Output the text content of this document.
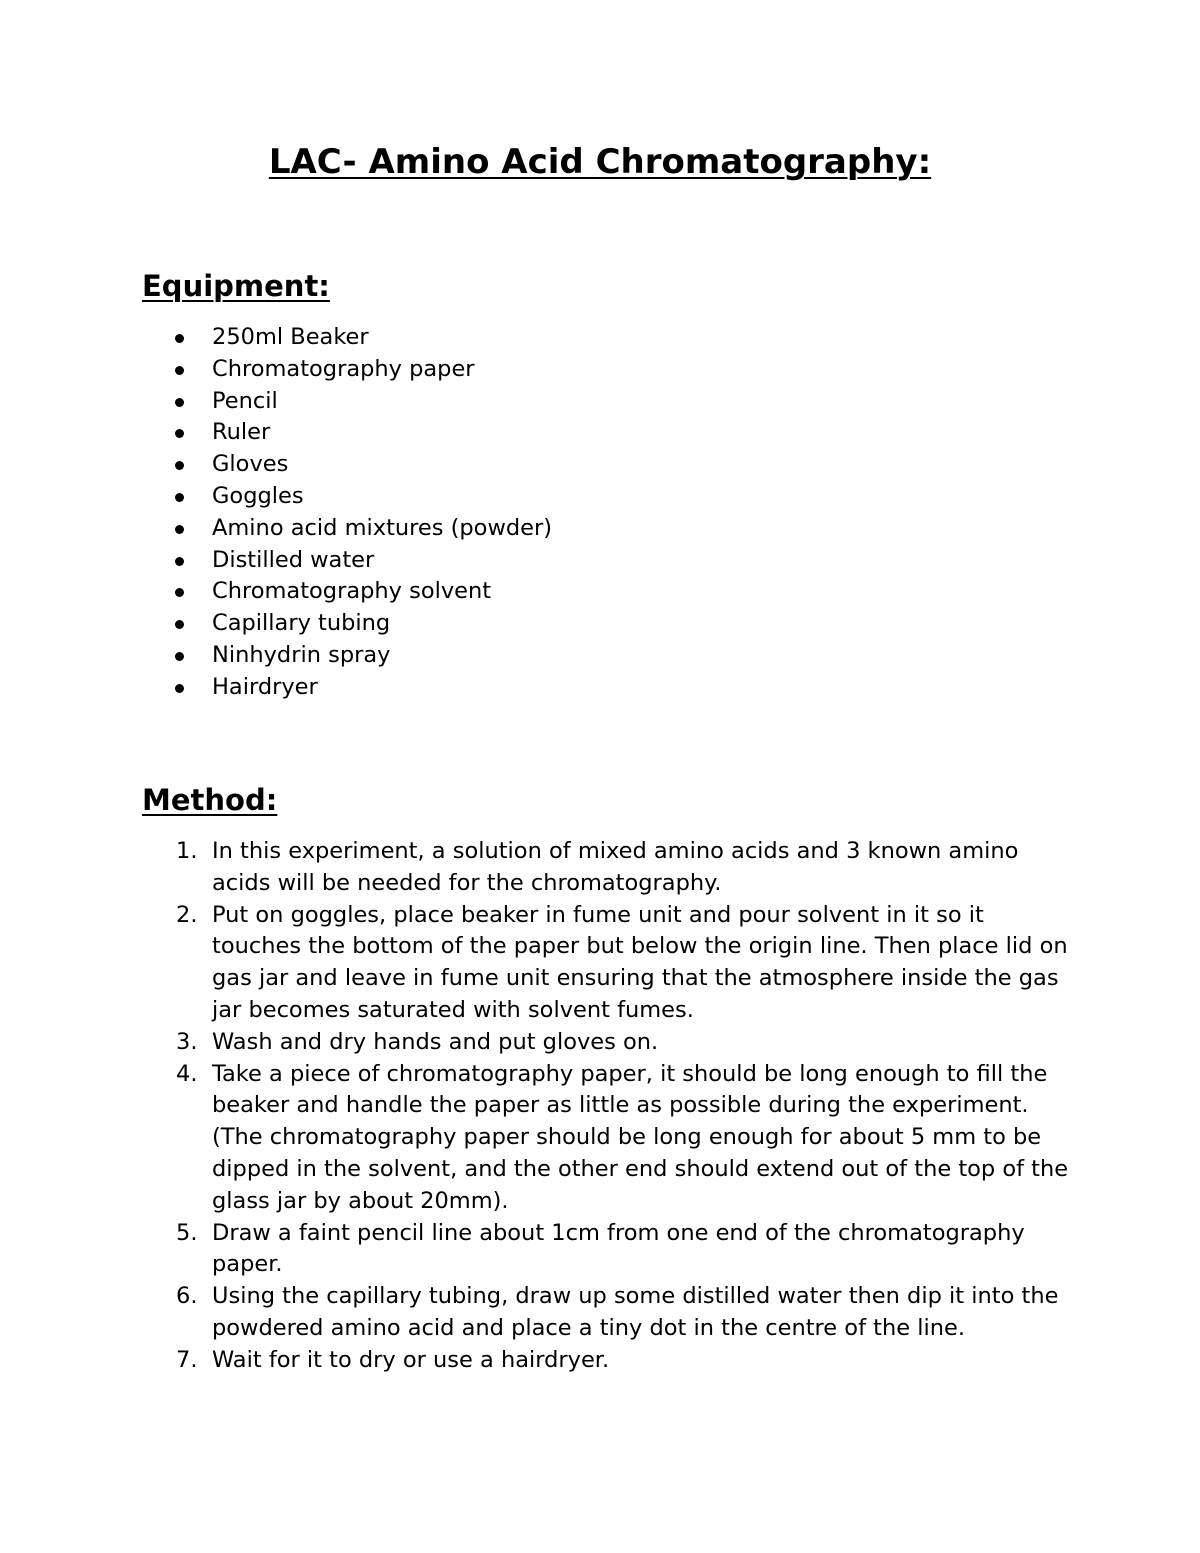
LAC- Amino Acid Chromatography:
Equipment:
250ml Beaker
Chromatography paper
Pencil
Ruler
Gloves
Goggles
Amino acid mixtures (powder)
Distilled water
Chromatography solvent
Capillary tubing
Ninhydrin spray
Hairdryer
Method:
1. In this experiment, a solution of mixed amino acids and 3 known amino acids will be needed for the chromatography.
2. Put on goggles, place beaker in fume unit and pour solvent in it so it touches the bottom of the paper but below the origin line. Then place lid on gas jar and leave in fume unit ensuring that the atmosphere inside the gas jar becomes saturated with solvent fumes.
3. Wash and dry hands and put gloves on.
4. Take a piece of chromatography paper, it should be long enough to fill the beaker and handle the paper as little as possible during the experiment. (The chromatography paper should be long enough for about 5 mm to be dipped in the solvent, and the other end should extend out of the top of the glass jar by about 20mm).
5. Draw a faint pencil line about 1cm from one end of the chromatography paper.
6. Using the capillary tubing, draw up some distilled water then dip it into the powdered amino acid and place a tiny dot in the centre of the line.
7. Wait for it to dry or use a hairdryer.
